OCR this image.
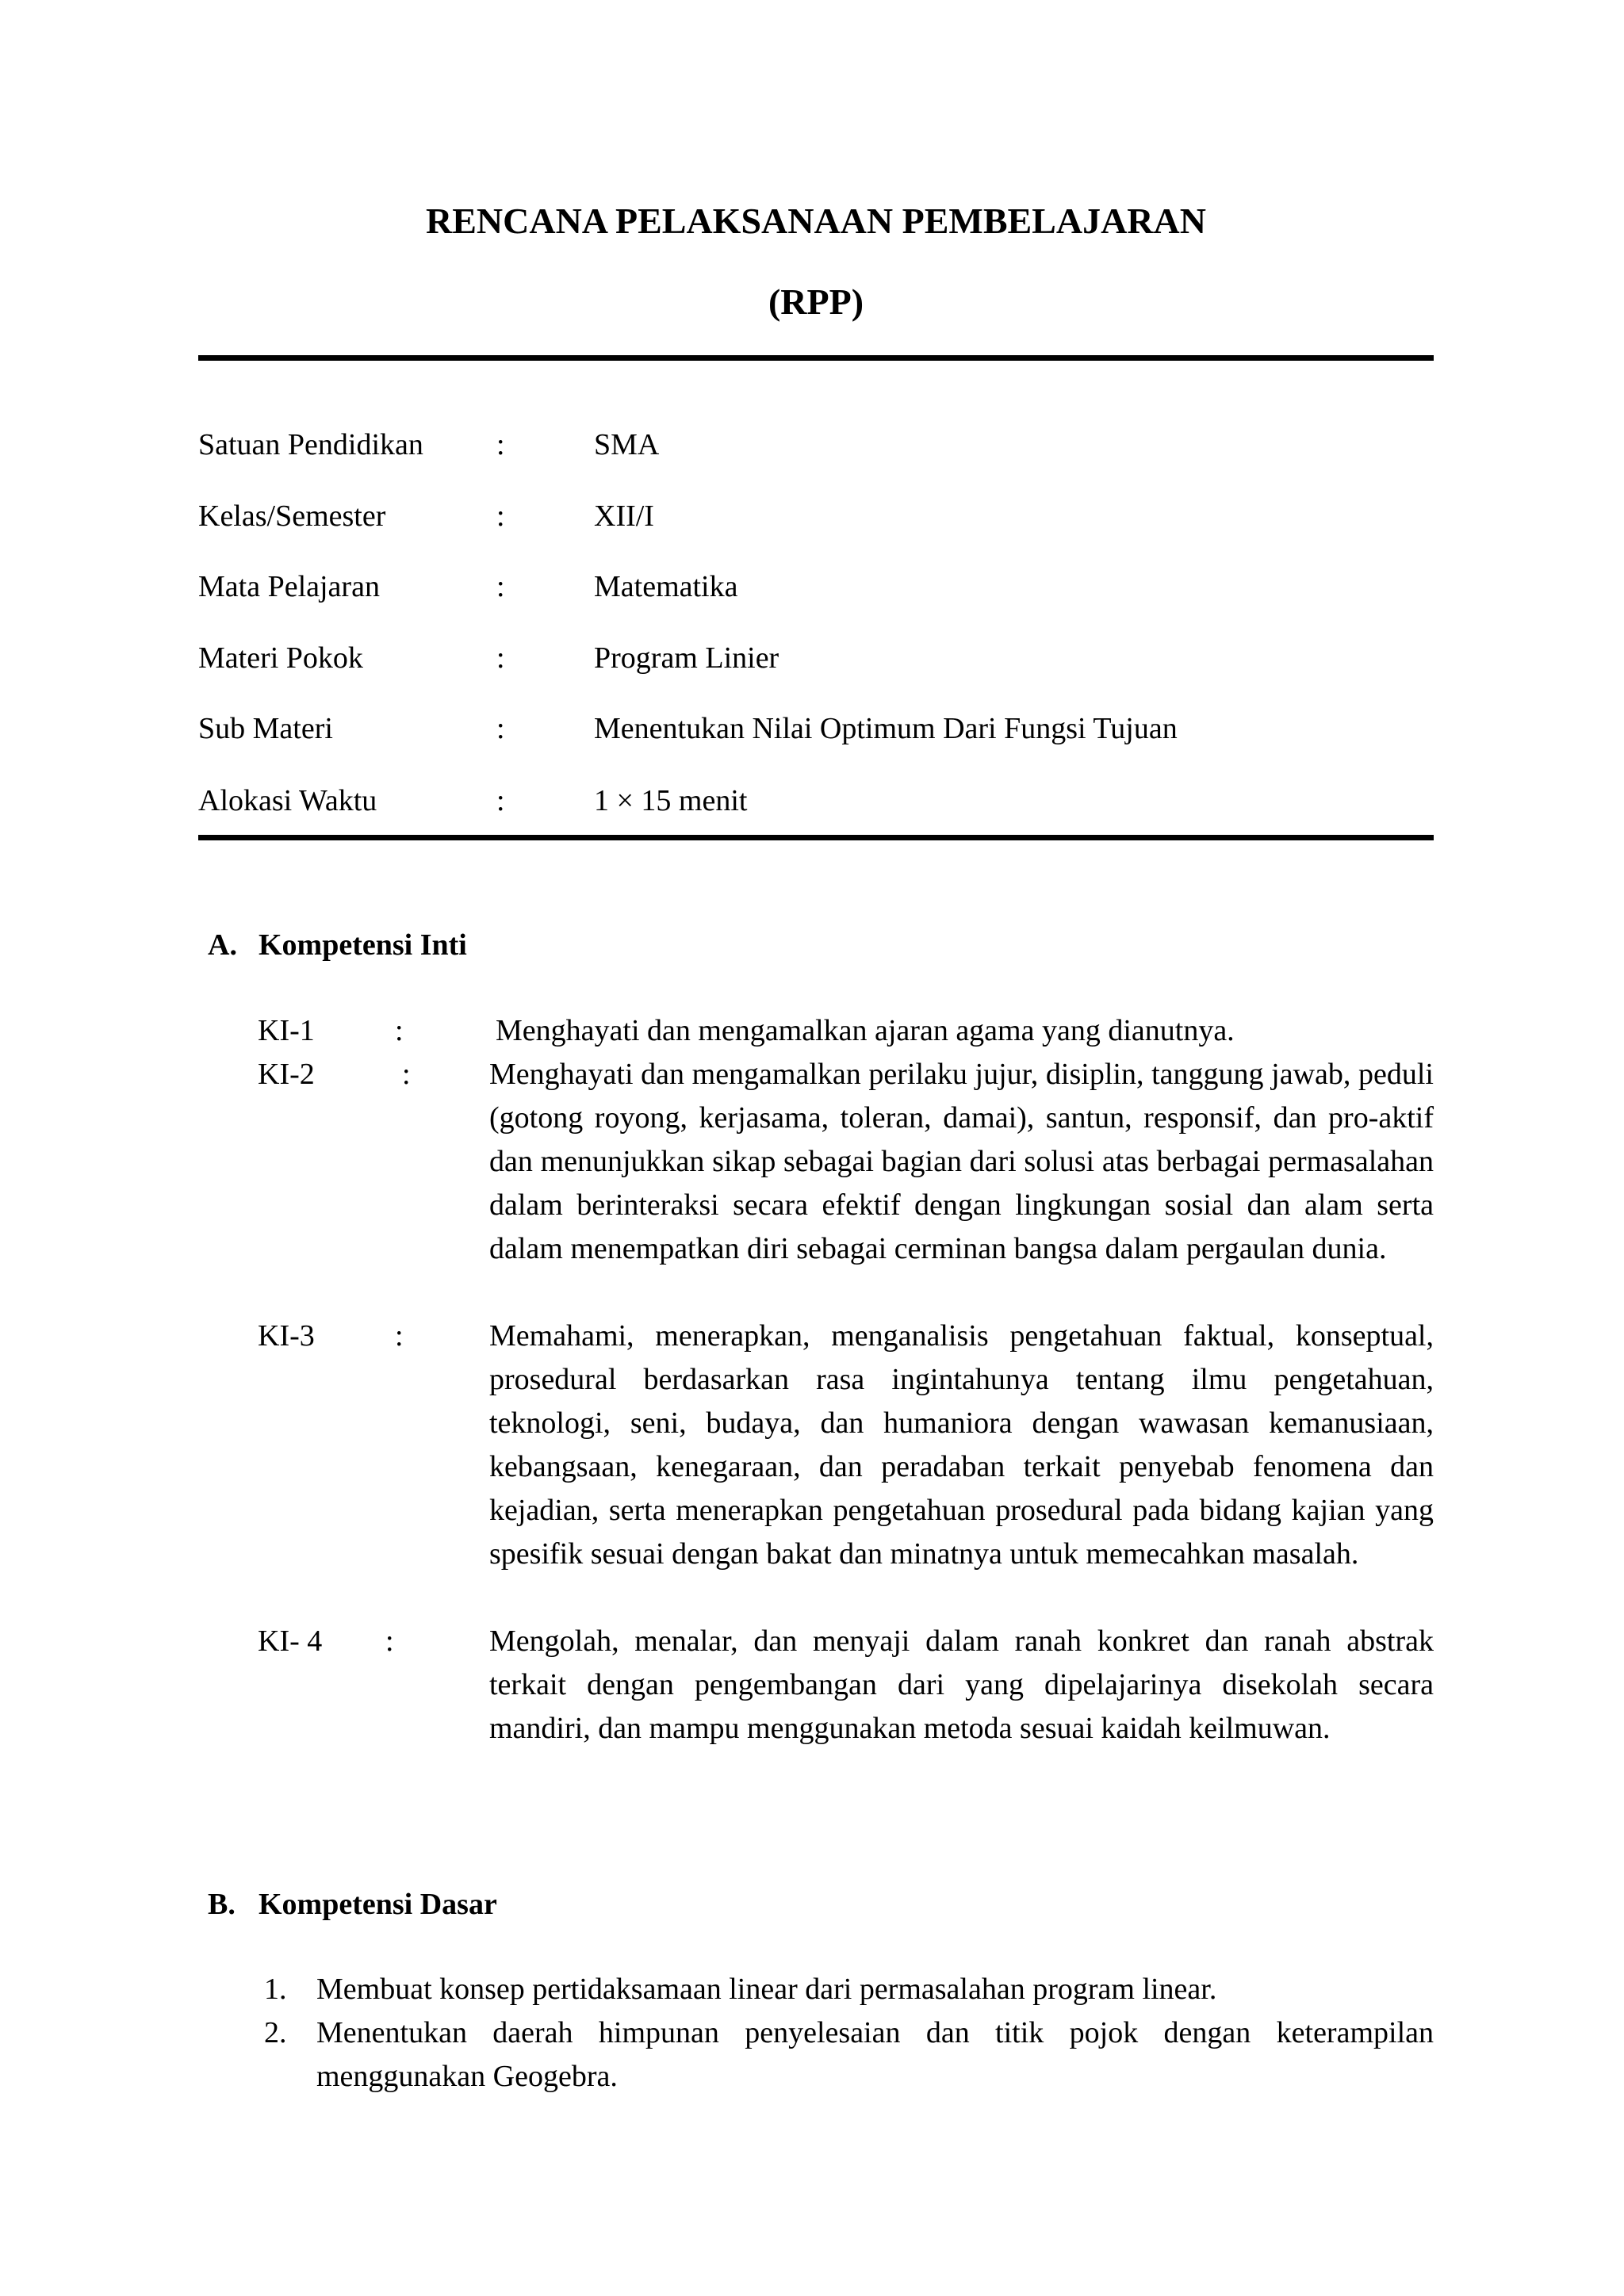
RENCANA PELAKSANAAN PEMBELAJARAN
(RPP)
Satuan Pendidikan :	SMA
Kelas/Semester	:	XII/I
Mata Pelajaran	:	Matematika
Materi Pokok	:	Program Linier
Sub Materi	:	Menentukan Nilai Optimum Dari Fungsi Tujuan
Alokasi Waktu	:	1 × 15 menit
A. Kompetensi Inti
KI-1	:	Menghayati dan mengamalkan ajaran agama yang dianutnya.
KI-2	:	Menghayati dan mengamalkan perilaku jujur, disiplin, tanggung jawab, peduli (gotong royong, kerjasama, toleran, damai), santun, responsif, dan pro-aktif dan menunjukkan sikap sebagai bagian dari solusi atas berbagai permasalahan dalam berinteraksi secara efektif dengan lingkungan sosial dan alam serta dalam menempatkan diri sebagai cerminan bangsa dalam pergaulan dunia.
KI-3	:	Memahami, menerapkan, menganalisis pengetahuan faktual, konseptual, prosedural berdasarkan rasa ingintahunya tentang ilmu pengetahuan, teknologi, seni, budaya, dan humaniora dengan wawasan kemanusiaan, kebangsaan, kenegaraan, dan peradaban terkait penyebab fenomena dan kejadian, serta menerapkan pengetahuan prosedural pada bidang kajian yang spesifik sesuai dengan bakat dan minatnya untuk memecahkan masalah.
KI- 4 :	Mengolah, menalar, dan menyaji dalam ranah konkret dan ranah abstrak terkait dengan pengembangan dari yang dipelajarinya disekolah secara mandiri, dan mampu menggunakan metoda sesuai kaidah keilmuwan.
B. Kompetensi Dasar
1. Membuat konsep pertidaksamaan linear dari permasalahan program linear.
2. Menentukan daerah himpunan penyelesaian dan titik pojok dengan keterampilan menggunakan Geogebra.
